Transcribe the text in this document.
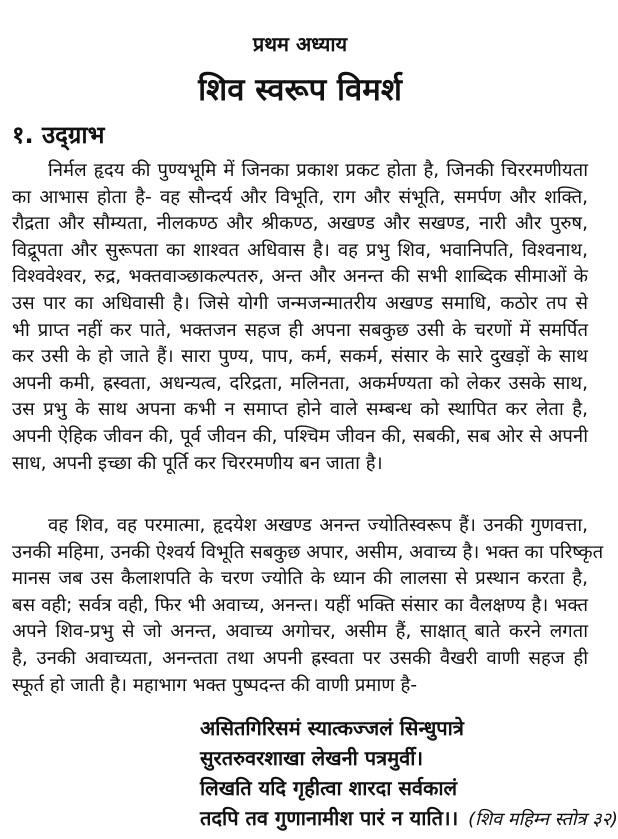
प्रथम अध्याय
शिव स्वरूप विमर्श
१. उद्ग्राभ
निर्मल हृदय की पुण्यभूमि में जिनका प्रकाश प्रकट होता है, जिनकी चिररमणीयता
का आभास होता है- वह सौन्दर्य और विभूति, राग और संभूति, समर्पण और शक्ति,
रौद्रता और सौम्यता, नीलकण्ठ और श्रीकण्ठ, अखण्ड और सखण्ड, नारी और पुरुष,
विद्रूपता और सुरूपता का शाश्वत अधिवास है। वह प्रभु शिव, भवानिपति, विश्वनाथ,
विश्ववेश्वर, रुद्र, भक्तवाञ्छाकल्पतरु, अन्त और अनन्त की सभी शाब्दिक सीमाओं के
उस पार का अधिवासी है। जिसे योगी जन्मजन्मातरीय अखण्ड समाधि, कठोर तप से
भी प्राप्त नहीं कर पाते, भक्तजन सहज ही अपना सबकुछ उसी के चरणों में समर्पित
कर उसी के हो जाते हैं। सारा पुण्य, पाप, कर्म, सकर्म, संसार के सारे दुखड़ों के साथ
अपनी कमी, ह्रस्वता, अधन्यत्व, दरिद्रता, मलिनता, अकर्मण्यता को लेकर उसके साथ,
उस प्रभु के साथ अपना कभी न समाप्त होने वाले सम्बन्ध को स्थापित कर लेता है,
अपनी ऐहिक जीवन की, पूर्व जीवन की, पश्चिम जीवन की, सबकी, सब ओर से अपनी
साध, अपनी इच्छा की पूर्ति कर चिररमणीय बन जाता है।
वह शिव, वह परमात्मा, हृदयेश अखण्ड अनन्त ज्योतिस्वरूप हैं। उनकी गुणवत्ता,
उनकी महिमा, उनकी ऐश्वर्य विभूति सबकुछ अपार, असीम, अवाच्य है। भक्त का परिष्कृत
मानस जब उस कैलाशपति के चरण ज्योति के ध्यान की लालसा से प्रस्थान करता है,
बस वही; सर्वत्र वही, फिर भी अवाच्य, अनन्त। यहीं भक्ति संसार का वैलक्षण्य है। भक्त
अपने शिव-प्रभु से जो अनन्त, अवाच्य अगोचर, असीम हैं, साक्षात् बाते करने लगता
है, उनकी अवाच्यता, अनन्तता तथा अपनी ह्रस्वता पर उसकी वैखरी वाणी सहज ही
स्फूर्त हो जाती है। महाभाग भक्त पुष्पदन्त की वाणी प्रमाण है-
असितगिरिसमं स्यात्कज्जलं सिन्धुपात्रे
सुरतरुवरशाखा लेखनी पत्रमुर्वी।
लिखति यदि गृहीत्वा शारदा सर्वकालं
तदपि तव गुणानामीश पारं न याति।। (शिव महिम्न स्तोत्र ३२)
